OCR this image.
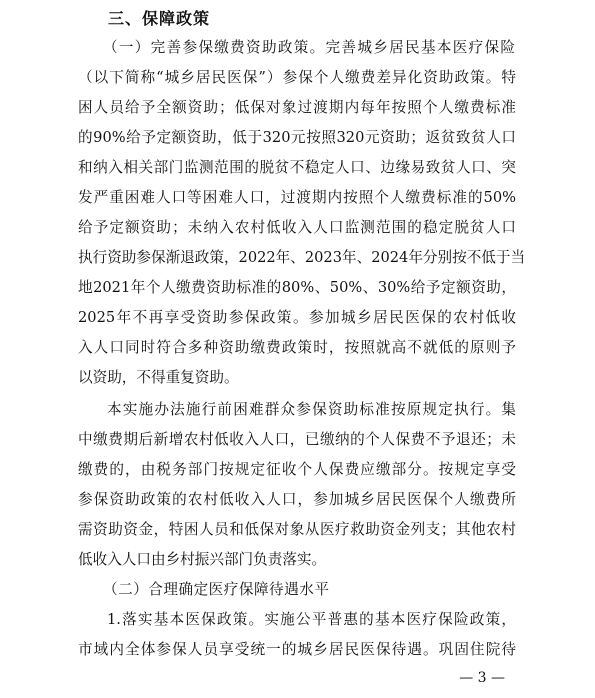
三、保障政策
（一）完善参保缴费资助政策。完善城乡居民基本医疗保险
（以下简称“城乡居民医保”）参保个人缴费差异化资助政策。特
困人员给予全额资助；低保对象过渡期内每年按照个人缴费标准
的90%给予定额资助，低于320元按照320元资助；返贫致贫人口
和纳入相关部门监测范围的脱贫不稳定人口、边缘易致贫人口、突
发严重困难人口等困难人口，过渡期内按照个人缴费标准的50%
给予定额资助；未纳入农村低收入人口监测范围的稳定脱贫人口
执行资助参保渐退政策，2022年、2023年、2024年分别按不低于当
地2021年个人缴费资助标准的80%、50%、30%给予定额资助，
2025年不再享受资助参保政策。参加城乡居民医保的农村低收
入人口同时符合多种资助缴费政策时，按照就高不就低的原则予
以资助，不得重复资助。
本实施办法施行前困难群众参保资助标准按原规定执行。集
中缴费期后新增农村低收入人口，已缴纳的个人保费不予退还；未
缴费的，由税务部门按规定征收个人保费应缴部分。按规定享受
参保资助政策的农村低收入人口，参加城乡居民医保个人缴费所
需资助资金，特困人员和低保对象从医疗救助资金列支；其他农村
低收入人口由乡村振兴部门负责落实。
（二）合理确定医疗保障待遇水平
1.落实基本医保政策。实施公平普惠的基本医疗保险政策，
市域内全体参保人员享受统一的城乡居民医保待遇。巩固住院待
— 3 —
